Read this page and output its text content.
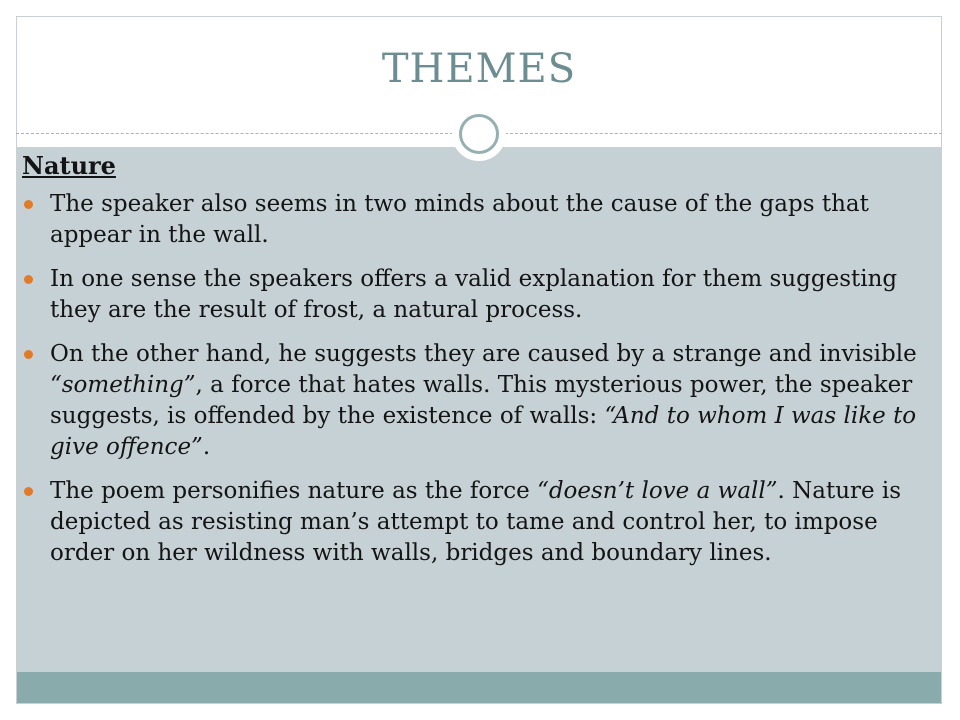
THEMES
Nature
The speaker also seems in two minds about the cause of the gaps that appear in the wall.
In one sense the speakers offers a valid explanation for them suggesting they are the result of frost, a natural process.
On the other hand, he suggests they are caused by a strange and invisible “something”, a force that hates walls. This mysterious power, the speaker suggests, is offended by the existence of walls: “And to whom I was like to give offence”.
The poem personifies nature as the force “doesn’t love a wall”. Nature is depicted as resisting man’s attempt to tame and control her, to impose order on her wildness with walls, bridges and boundary lines.
